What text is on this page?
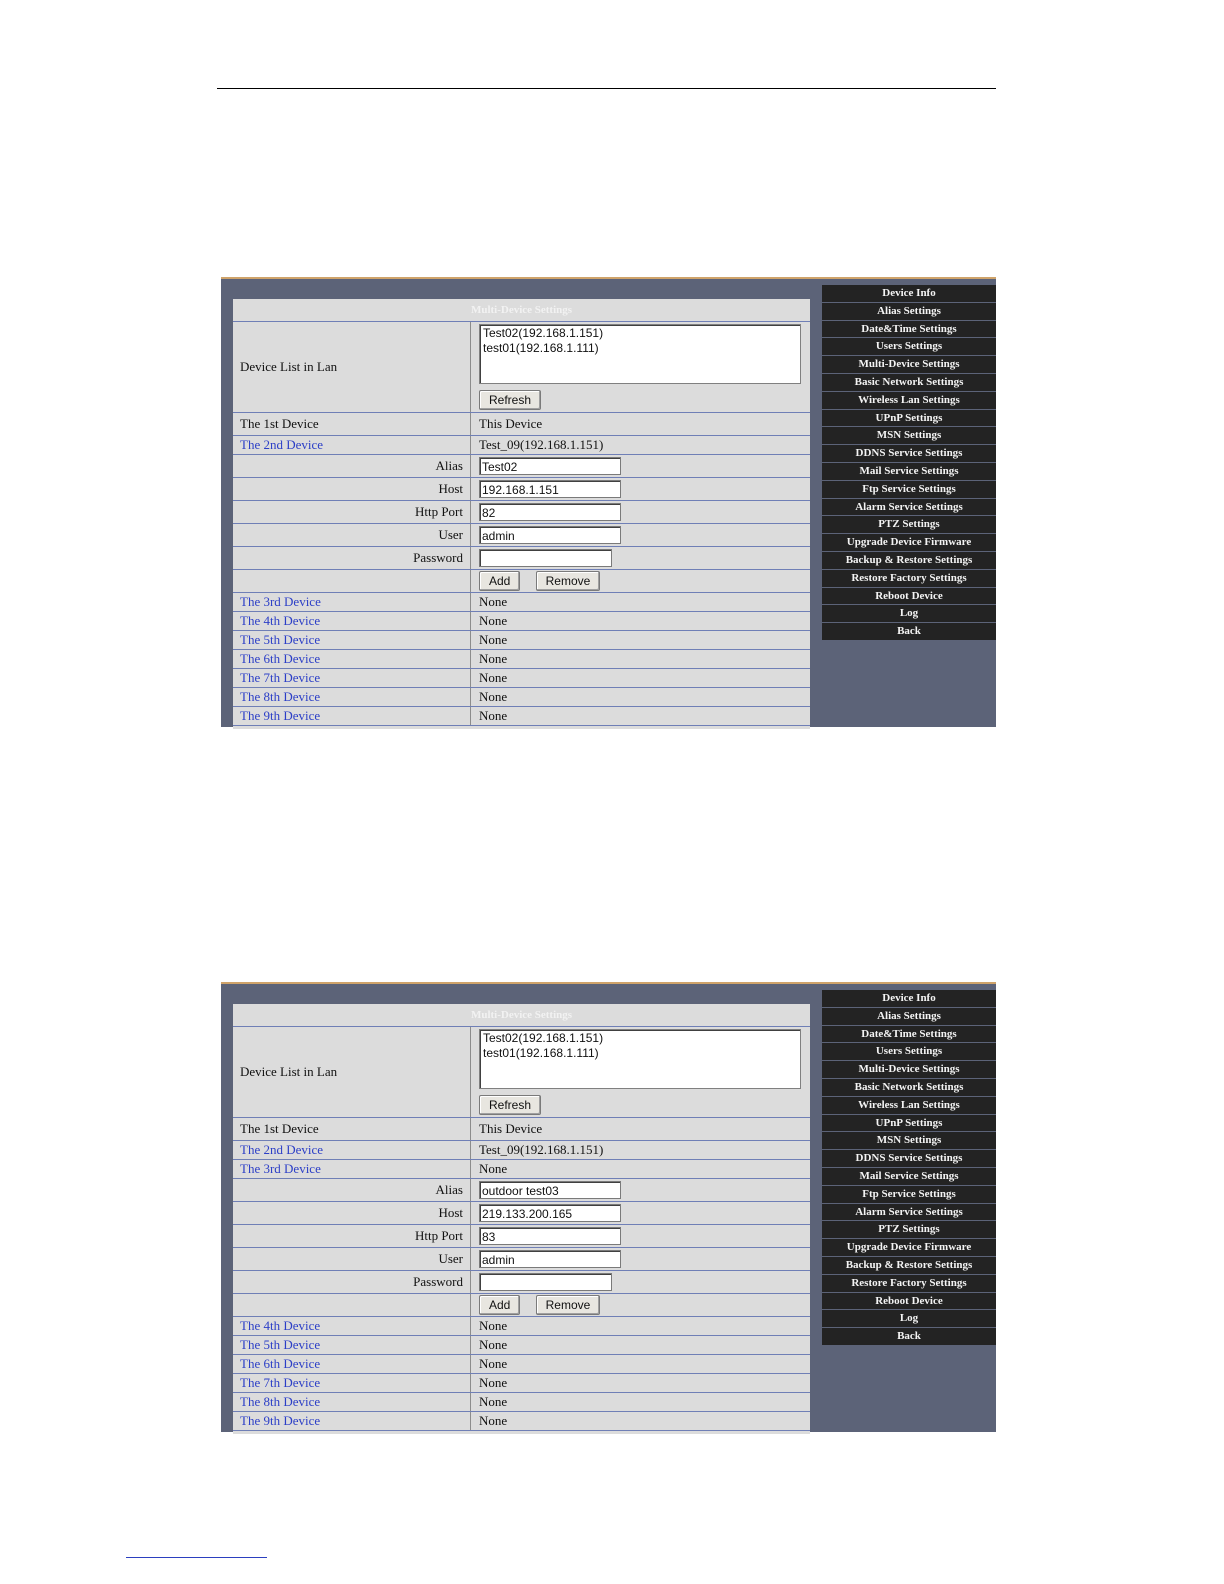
Multi-Device Settings	
Device List in Lan	Test02(192.168.1.151)
test01(192.168.1.111)
Refresh

The 1st Device	This Device
The 2nd Device	Test_09(192.168.1.151)
Alias	Test02
Host	192.168.1.151
Http Port	82
User	admin
Password	
	Add Remove
The 3rd Device	None
The 4th Device	None
The 5th Device	None
The 6th Device	None
The 7th Device	None
The 8th Device	None
The 9th Device	None
Device Info
Alias Settings
Date&Time Settings
Users Settings
Multi-Device Settings
Basic Network Settings
Wireless Lan Settings
UPnP Settings
MSN Settings
DDNS Service Settings
Mail Service Settings
Ftp Service Settings
Alarm Service Settings
PTZ Settings
Upgrade Device Firmware
Backup & Restore Settings
Restore Factory Settings
Reboot Device
Log
Back
Multi-Device Settings	
Device List in Lan	Test02(192.168.1.151)
test01(192.168.1.111)
Refresh

The 1st Device	This Device
The 2nd Device	Test_09(192.168.1.151)
The 3rd Device	None
Alias	outdoor test03
Host	219.133.200.165
Http Port	83
User	admin
Password	
	Add Remove
The 4th Device	None
The 5th Device	None
The 6th Device	None
The 7th Device	None
The 8th Device	None
The 9th Device	None
Device Info
Alias Settings
Date&Time Settings
Users Settings
Multi-Device Settings
Basic Network Settings
Wireless Lan Settings
UPnP Settings
MSN Settings
DDNS Service Settings
Mail Service Settings
Ftp Service Settings
Alarm Service Settings
PTZ Settings
Upgrade Device Firmware
Backup & Restore Settings
Restore Factory Settings
Reboot Device
Log
Back
